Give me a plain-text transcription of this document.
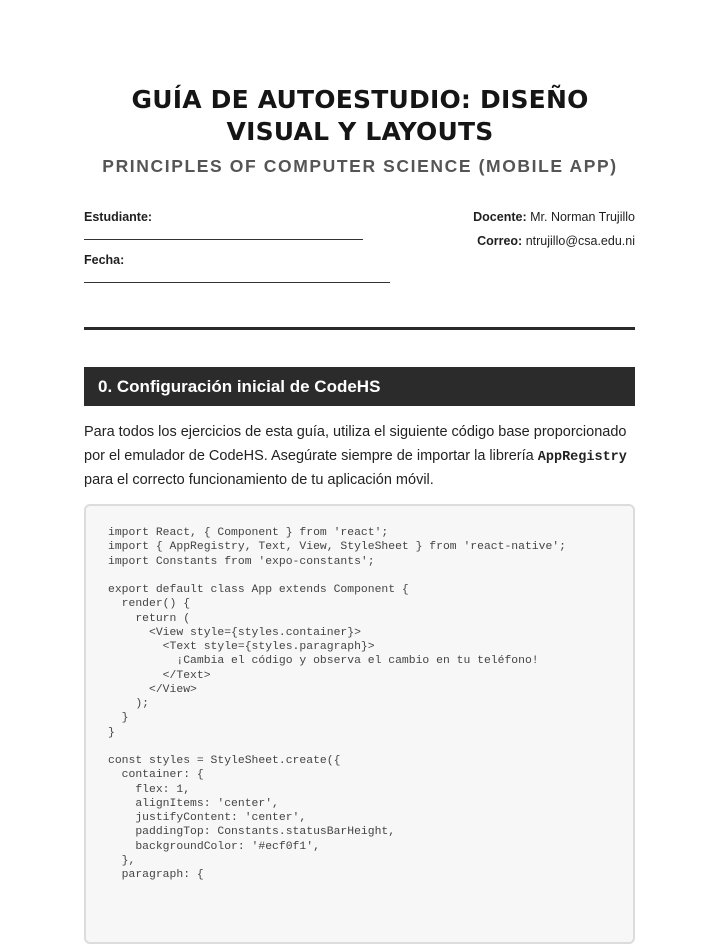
GUÍA DE AUTOESTUDIO: DISEÑO
VISUAL Y LAYOUTS
PRINCIPLES OF COMPUTER SCIENCE (MOBILE APP)
Estudiante:
Fecha:
Docente: Mr. Norman Trujillo
Correo: ntrujillo@csa.edu.ni
0. Configuración inicial de CodeHS
Para todos los ejercicios de esta guía, utiliza el siguiente código base proporcionado por el emulador de CodeHS. Asegúrate siempre de importar la librería AppRegistry para el correcto funcionamiento de tu aplicación móvil.
import React, { Component } from 'react';
import { AppRegistry, Text, View, StyleSheet } from 'react-native';
import Constants from 'expo-constants';

export default class App extends Component {
render() {
return (
<View style={styles.container}>
<Text style={styles.paragraph}>
¡Cambia el código y observa el cambio en tu teléfono!
</Text>
</View>
);
}
}

const styles = StyleSheet.create({
container: {
flex: 1,
alignItems: 'center',
justifyContent: 'center',
paddingTop: Constants.statusBarHeight,
backgroundColor: '#ecf0f1',
},
paragraph: {
